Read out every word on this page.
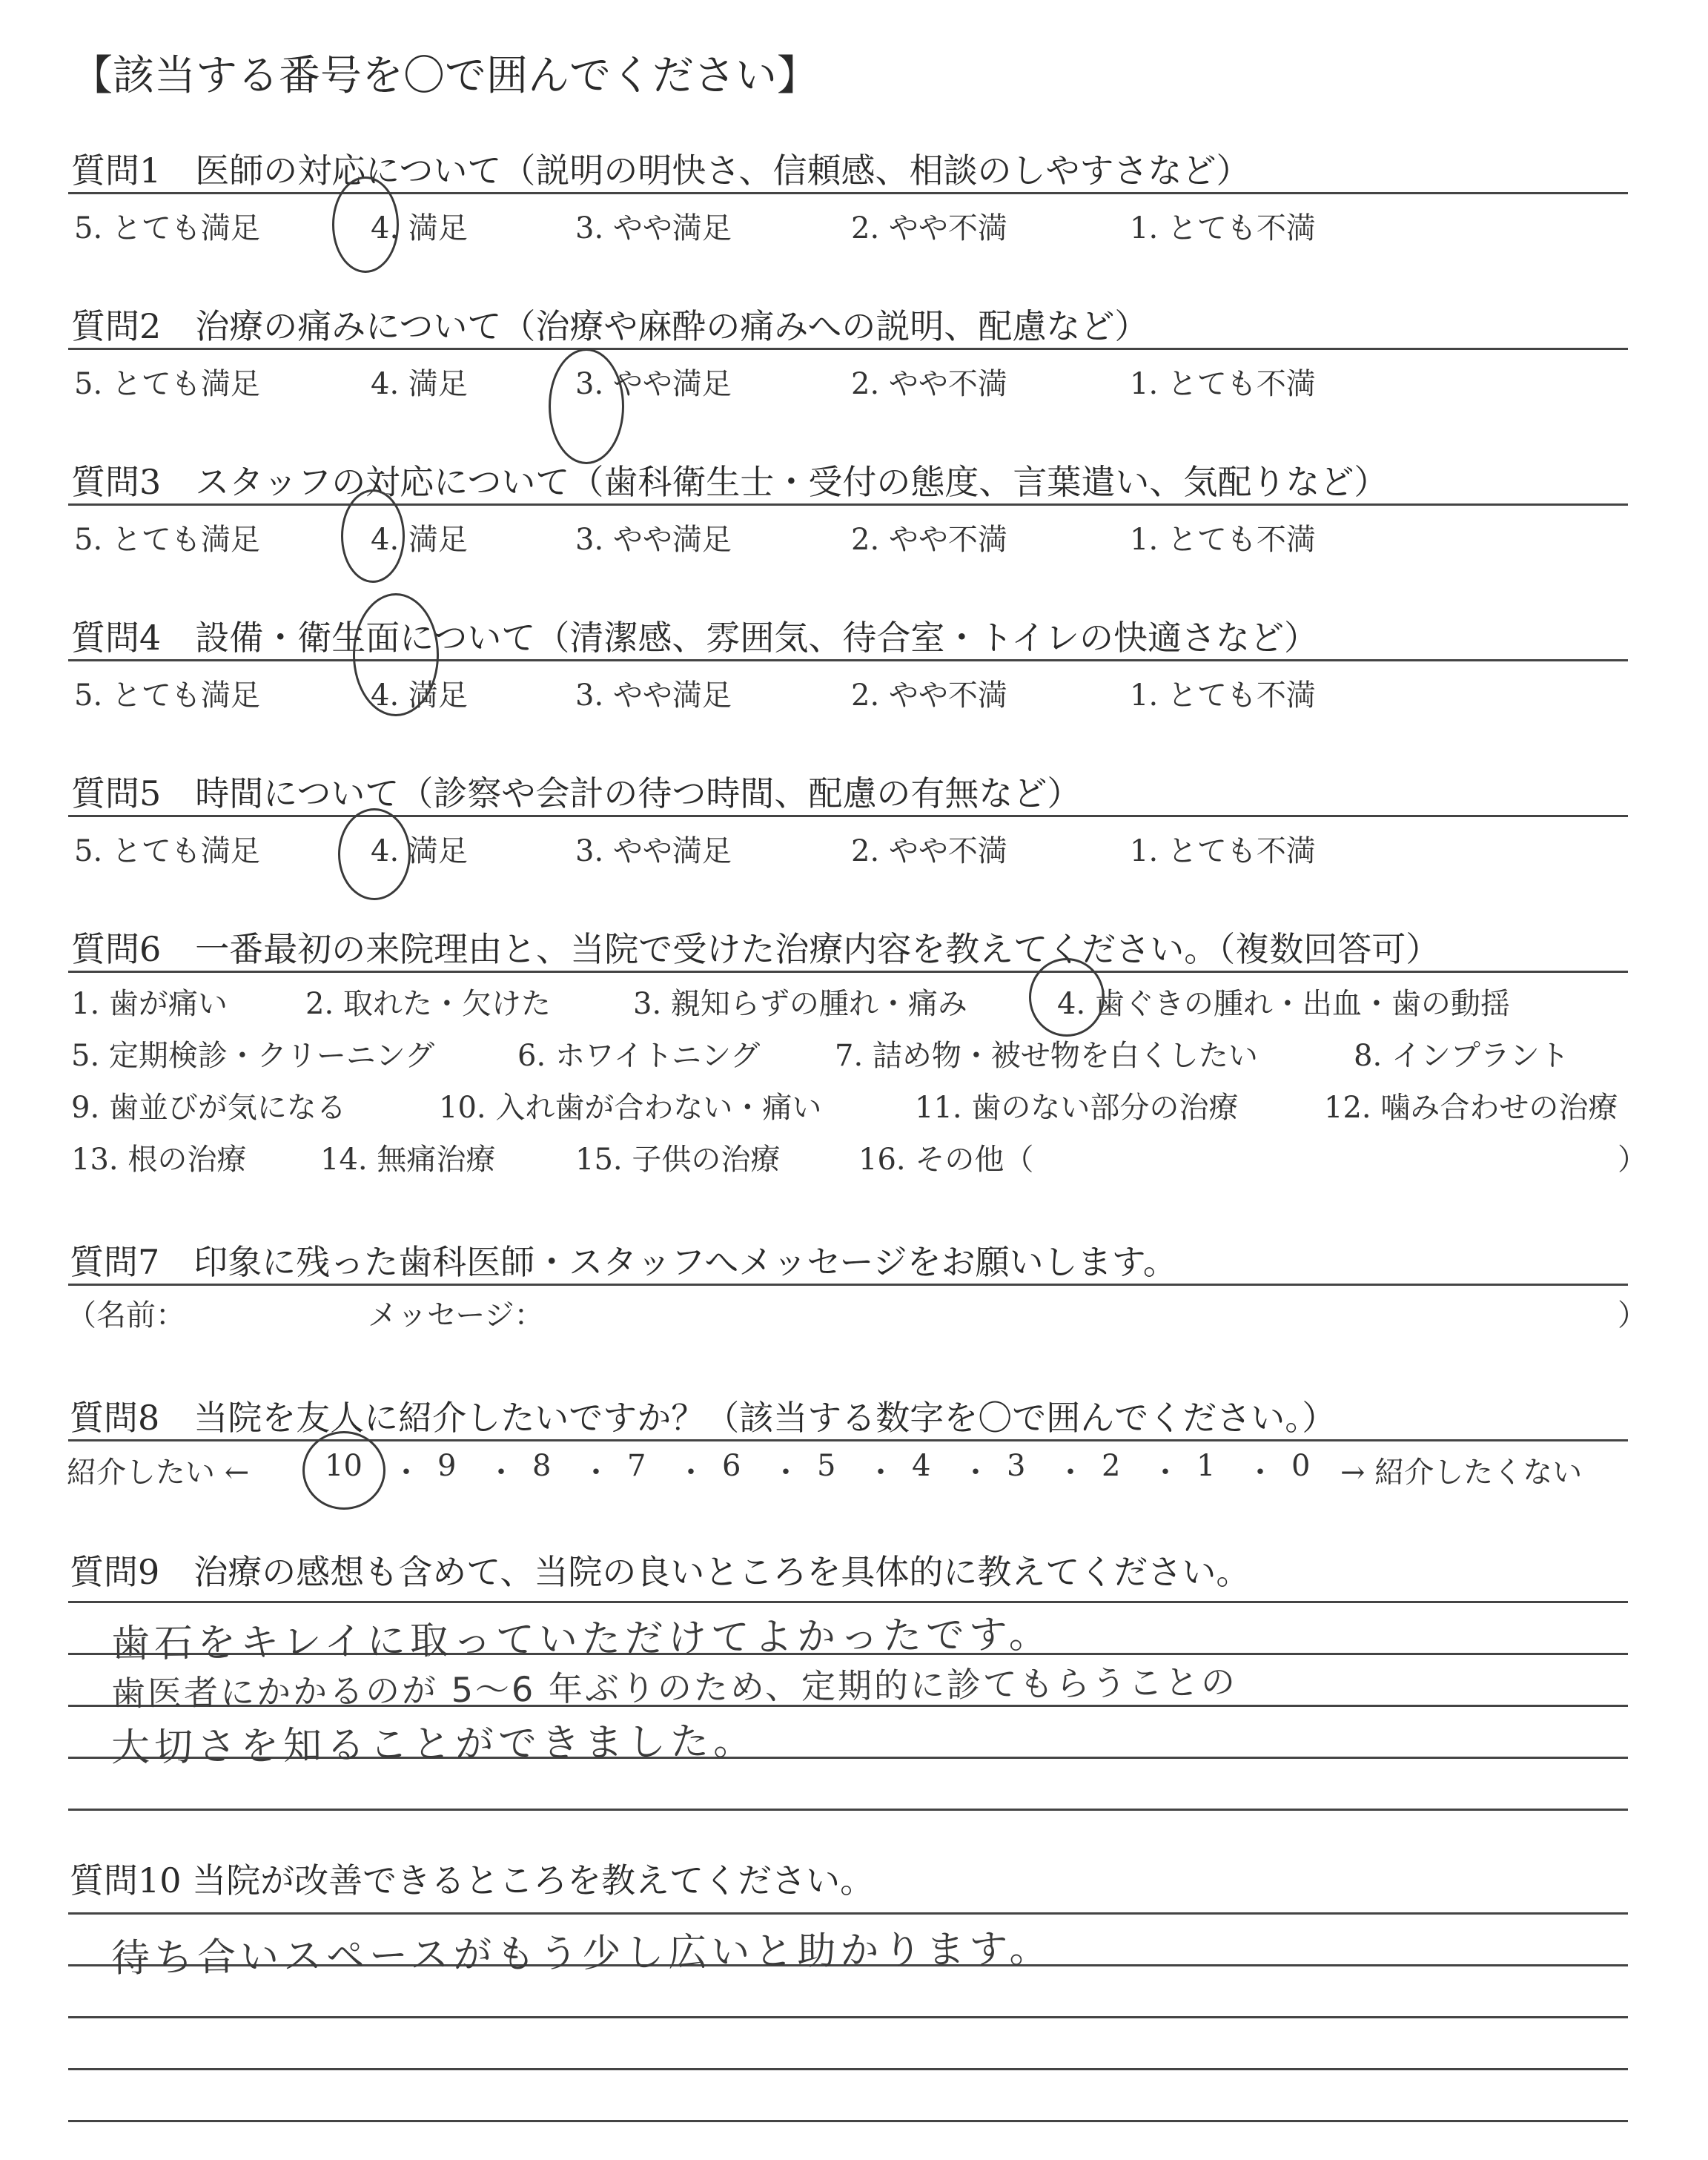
【該当する番号を〇で囲んでください】
質問1　医師の対応について（説明の明快さ、信頼感、相談のしやすさなど）
5. とても満足	4. 満足	3. やや満足	2. やや不満	1. とても不満
質問2　治療の痛みについて（治療や麻酔の痛みへの説明、配慮など）
5. とても満足	4. 満足	3. やや満足	2. やや不満	1. とても不満
質問3　スタッフの対応について（歯科衛生士・受付の態度、言葉遣い、気配りなど）
5. とても満足	4. 満足	3. やや満足	2. やや不満	1. とても不満
質問4　設備・衛生面について（清潔感、雰囲気、待合室・トイレの快適さなど）
5. とても満足	4. 満足	3. やや満足	2. やや不満	1. とても不満
質問5　時間について（診察や会計の待つ時間、配慮の有無など）
5. とても満足	4. 満足	3. やや満足	2. やや不満	1. とても不満
質問6　一番最初の来院理由と、当院で受けた治療内容を教えてください。（複数回答可）
1. 歯が痛い	2. 取れた・欠けた	3. 親知らずの腫れ・痛み	4. 歯ぐきの腫れ・出血・歯の動揺
5. 定期検診・クリーニング	6. ホワイトニング	7. 詰め物・被せ物を白くしたい	8. インプラント
9. 歯並びが気になる	10. 入れ歯が合わない・痛い	11. 歯のない部分の治療	12. 噛み合わせの治療
13. 根の治療 14. 無痛治療	15. 子供の治療	16. その他（	）
質問7　印象に残った歯科医師・スタッフへメッセージをお願いします。
（名前：	メッセージ：	）
質問8　当院を友人に紹介したいですか？（該当する数字を〇で囲んでください。）
紹介したい ←	→ 紹介したくない
10 ・ 9 ・ 8 ・ 7 ・ 6 ・ 5 ・ 4 ・ 3 ・ 2 ・ 1 ・ 0
質問9　治療の感想も含めて、当院の良いところを具体的に教えてください。
歯石をキレイに取っていただけてよかったです。
歯医者にかかるのが 5〜6 年ぶりのため、定期的に診てもらうことの
大切さを知ることができました。
質問10 当院が改善できるところを教えてください。
待ち合いスペースがもう少し広いと助かります。
